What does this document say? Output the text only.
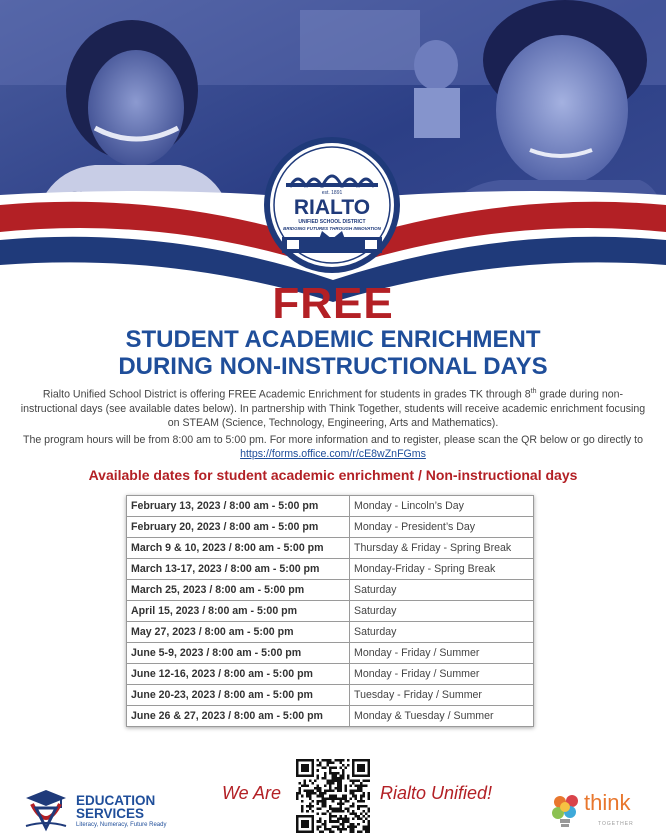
est. 1891
RIALTO
UNIFIED SCHOOL DISTRICT
BRIDGING FUTURES THROUGH INNOVATION
FREE
STUDENT ACADEMIC ENRICHMENT
DURING NON-INSTRUCTIONAL DAYS
Rialto Unified School District is offering FREE Academic Enrichment for students in grades TK through 8th grade during non-instructional days (see available dates below). In partnership with Think Together, students will receive academic enrichment focusing on STEAM (Science, Technology, Engineering, Arts and Mathematics).
The program hours will be from 8:00 am to 5:00 pm. For more information and to register, please scan the QR below or go directly to https://forms.office.com/r/cE8wZnFGms
Available dates for student academic enrichment / Non-instructional days
February 13, 2023 / 8:00 am - 5:00 pm	Monday - Lincoln’s Day
February 20, 2023 / 8:00 am - 5:00 pm	Monday - President’s Day
March 9 & 10, 2023 / 8:00 am - 5:00 pm	Thursday & Friday - Spring Break
March 13-17, 2023 / 8:00 am - 5:00 pm	Monday-Friday - Spring Break
March 25, 2023 / 8:00 am - 5:00 pm	Saturday
April 15, 2023 / 8:00 am - 5:00 pm	Saturday
May 27, 2023 / 8:00 am - 5:00 pm	Saturday
June 5-9, 2023 / 8:00 am - 5:00 pm	Monday - Friday / Summer
June 12-16, 2023 / 8:00 am - 5:00 pm	Monday - Friday / Summer
June 20-23, 2023 / 8:00 am - 5:00 pm	Tuesday - Friday / Summer
June 26 & 27, 2023 / 8:00 am - 5:00 pm	Monday & Tuesday / Summer
EDUCATION
SERVICES
Literacy, Numeracy, Future Ready
We Are	Rialto Unified!	think
TOGETHER
